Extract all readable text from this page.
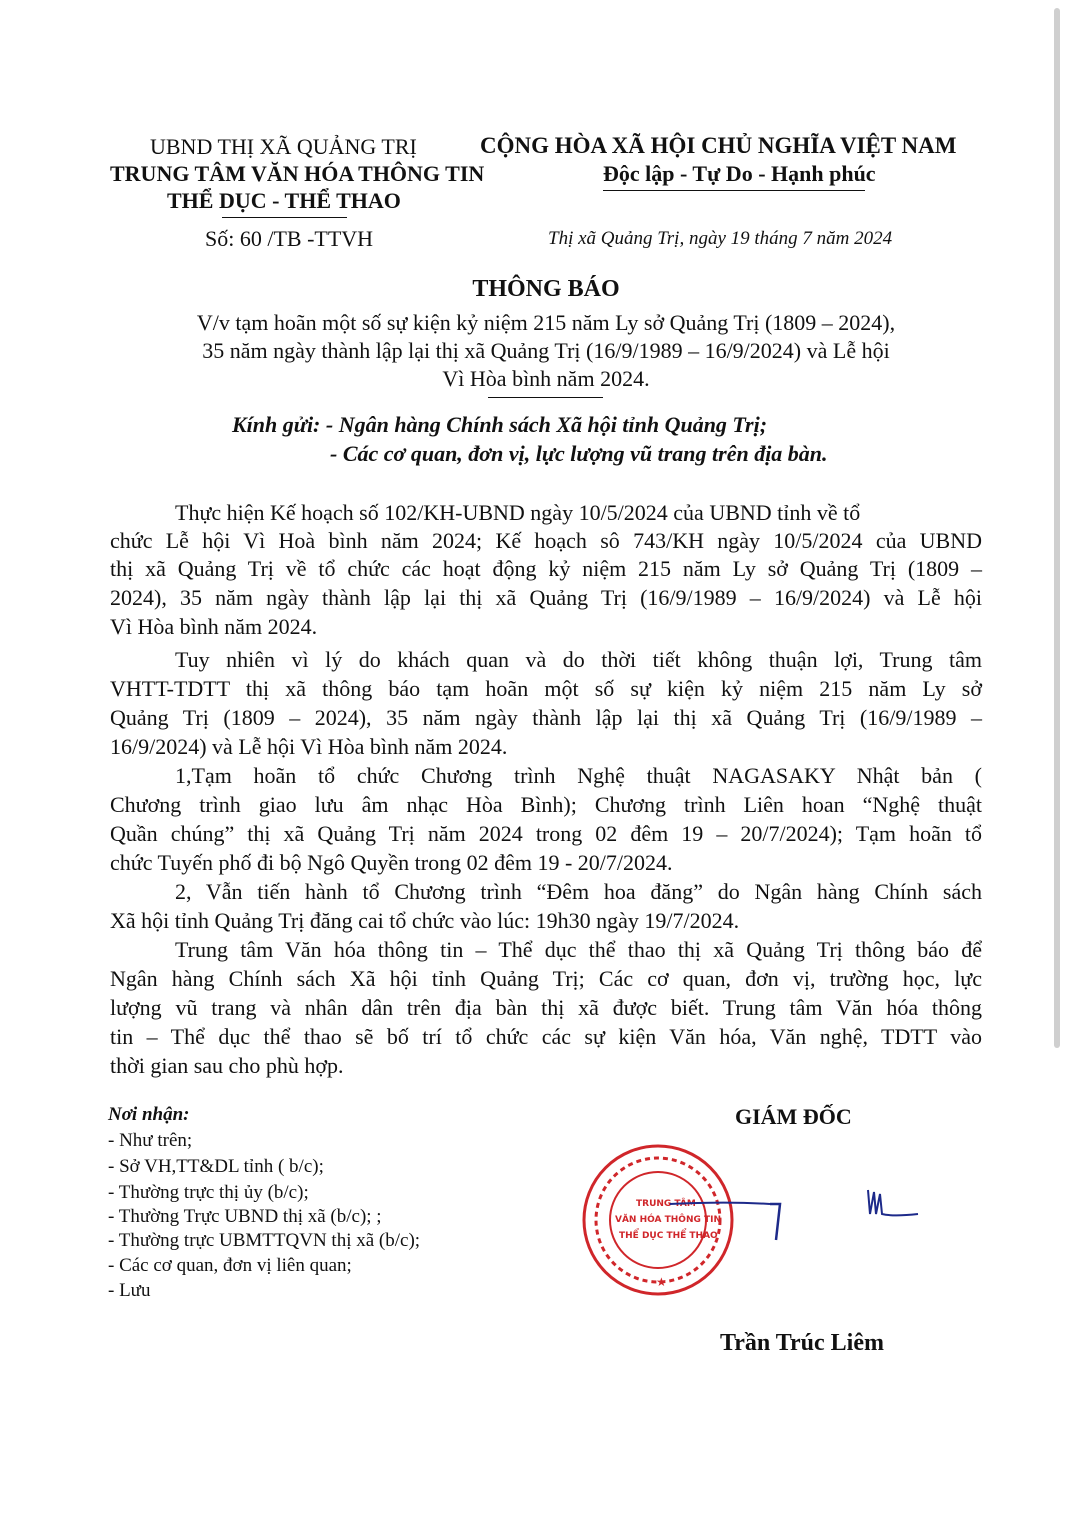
UBND THỊ XÃ QUẢNG TRỊ
TRUNG TÂM VĂN HÓA THÔNG TIN
THỂ DỤC - THỂ THAO
Số: 60 /TB -TTVH
CỘNG HÒA XÃ HỘI CHỦ NGHĨA VIỆT NAM
Độc lập - Tự Do - Hạnh phúc
Thị xã Quảng Trị, ngày 19 tháng 7 năm 2024
THÔNG BÁO
V/v tạm hoãn một số sự kiện kỷ niệm 215 năm Ly sở Quảng Trị (1809 – 2024),
35 năm ngày thành lập lại thị xã Quảng Trị (16/9/1989 – 16/9/2024) và Lễ hội
Vì Hòa bình năm 2024.
Kính gửi: - Ngân hàng Chính sách Xã hội tỉnh Quảng Trị;
- Các cơ quan, đơn vị, lực lượng vũ trang trên địa bàn.
Thực hiện Kế hoạch số 102/KH-UBND ngày 10/5/2024 của UBND tỉnh về tổ
chức Lễ hội Vì Hoà bình năm 2024; Kế hoạch sô 743/KH ngày 10/5/2024 của UBND
thị xã Quảng Trị về tổ chức các hoạt động kỷ niệm 215 năm Ly sở Quảng Trị (1809 –
2024), 35 năm ngày thành lập lại thị xã Quảng Trị (16/9/1989 – 16/9/2024) và Lễ hội
Vì Hòa bình năm 2024.
Tuy nhiên vì lý do khách quan và do thời tiết không thuận lợi, Trung tâm
VHTT-TDTT thị xã thông báo tạm hoãn một số sự kiện kỷ niệm 215 năm Ly sở
Quảng Trị (1809 – 2024), 35 năm ngày thành lập lại thị xã Quảng Trị (16/9/1989 –
16/9/2024) và Lễ hội Vì Hòa bình năm 2024.
1,Tạm hoãn tổ chức Chương trình Nghệ thuật NAGASAKY Nhật bản (
Chương trình giao lưu âm nhạc Hòa Bình); Chương trình Liên hoan “Nghệ thuật
Quần chúng” thị xã Quảng Trị năm 2024 trong 02 đêm 19 – 20/7/2024); Tạm hoãn tổ
chức Tuyến phố đi bộ Ngô Quyền trong 02 đêm 19 - 20/7/2024.
2, Vẫn tiến hành tổ Chương trình “Đêm hoa đăng” do Ngân hàng Chính sách
Xã hội tỉnh Quảng Trị đăng cai tổ chức vào lúc: 19h30 ngày 19/7/2024.
Trung tâm Văn hóa thông tin – Thể dục thể thao thị xã Quảng Trị thông báo để
Ngân hàng Chính sách Xã hội tỉnh Quảng Trị; Các cơ quan, đơn vị, trường học, lực
lượng vũ trang và nhân dân trên địa bàn thị xã được biết. Trung tâm Văn hóa thông
tin – Thể dục thể thao sẽ bố trí tổ chức các sự kiện Văn hóa, Văn nghệ, TDTT vào
thời gian sau cho phù hợp.
Nơi nhận:
- Như trên;
- Sở VH,TT&DL tỉnh ( b/c);
- Thường trực thị ủy (b/c);
- Thường Trực UBND thị xã (b/c); ;
- Thường trực UBMTTQVN thị xã (b/c);
- Các cơ quan, đơn vị liên quan;
- Lưu
GIÁM ĐỐC
TRUNG TÂM
VĂN HÓA THÔNG TIN
THỂ DỤC THỂ THAO
★
Trần Trúc Liêm
